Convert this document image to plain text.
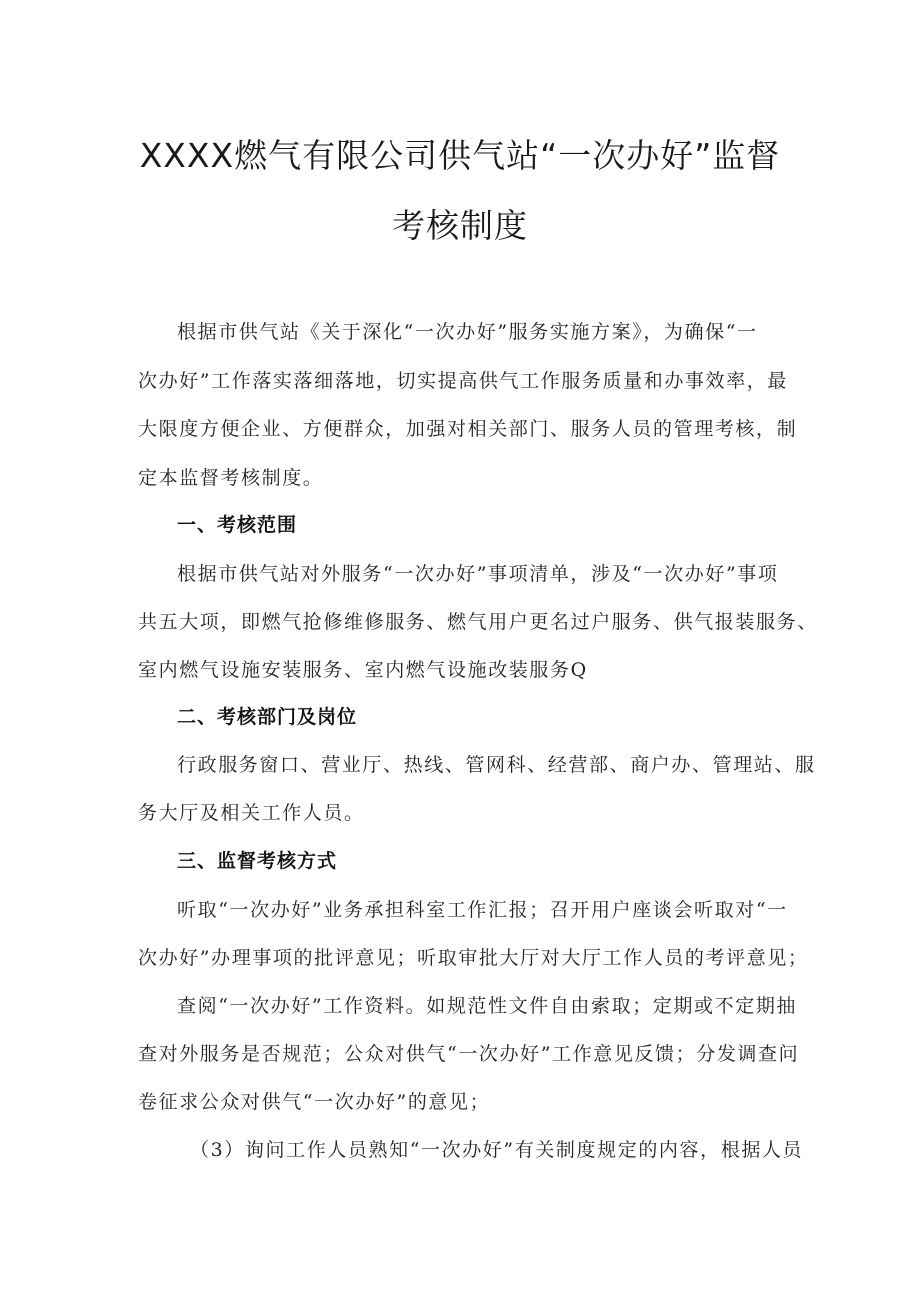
XXXX燃气有限公司供气站“一次办好”监督
考核制度
根据市供气站《关于深化“一次办好”服务实施方案》，为确保“一
次办好”工作落实落细落地，切实提高供气工作服务质量和办事效率，最
大限度方便企业、方便群众，加强对相关部门、服务人员的管理考核，制
定本监督考核制度。
一、考核范围
根据市供气站对外服务“一次办好”事项清单，涉及“一次办好”事项
共五大项，即燃气抢修维修服务、燃气用户更名过户服务、供气报装服务、
室内燃气设施安装服务、室内燃气设施改装服务Q
二、考核部门及岗位
行政服务窗口、营业厅、热线、管网科、经营部、商户办、管理站、服
务大厅及相关工作人员。
三、监督考核方式
听取“一次办好”业务承担科室工作汇报；召开用户座谈会听取对“一
次办好”办理事项的批评意见；听取审批大厅对大厅工作人员的考评意见；
查阅“一次办好”工作资料。如规范性文件自由索取；定期或不定期抽
查对外服务是否规范；公众对供气“一次办好”工作意见反馈；分发调查问
卷征求公众对供气“一次办好”的意见；
（3）询问工作人员熟知“一次办好”有关制度规定的内容，根据人员
